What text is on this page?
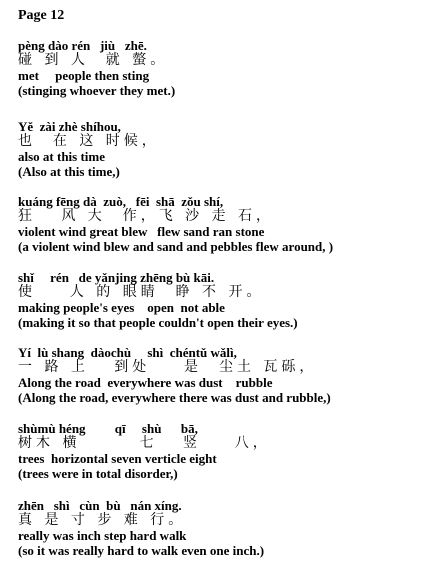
Page 12
pèng dào rén   jiù   zhē.
碰 到 人  就 螫。
met     people then sting
(stinging whoever they met.)
Yě  zài zhè shíhou,
也  在 这 时候，
also at this time
(Also at this time,)
kuáng fēng dà  zuò,   fēi  shā  zǒu shí,
狂   风 大  作，飞 沙 走 石，
violent wind great blew   flew sand ran stone
(a violent wind blew and sand and pebbles flew around, )
shǐ     rén   de yǎnjing zhēng bù kāi.
使    人 的 眼睛  睁 不 开。
making people's eyes    open  not able
(making it so that people couldn't open their eyes.)
Yí  lù shang  dàochù     shì  chéntǔ wǎlì,
一 路 上   到处    是  尘土 瓦砾，
Along the road  everywhere was dust    rubble
(Along the road, everywhere there was dust and rubble,)
shùmù héng         qī     shù      bā,
树木 横       七   竖    八，
trees  horizontal seven verticle eight
(trees were in total disorder,)
zhēn   shì   cùn  bù   nán xíng.
真 是 寸 步 难 行。
really was inch step hard walk
(so it was really hard to walk even one inch.)
